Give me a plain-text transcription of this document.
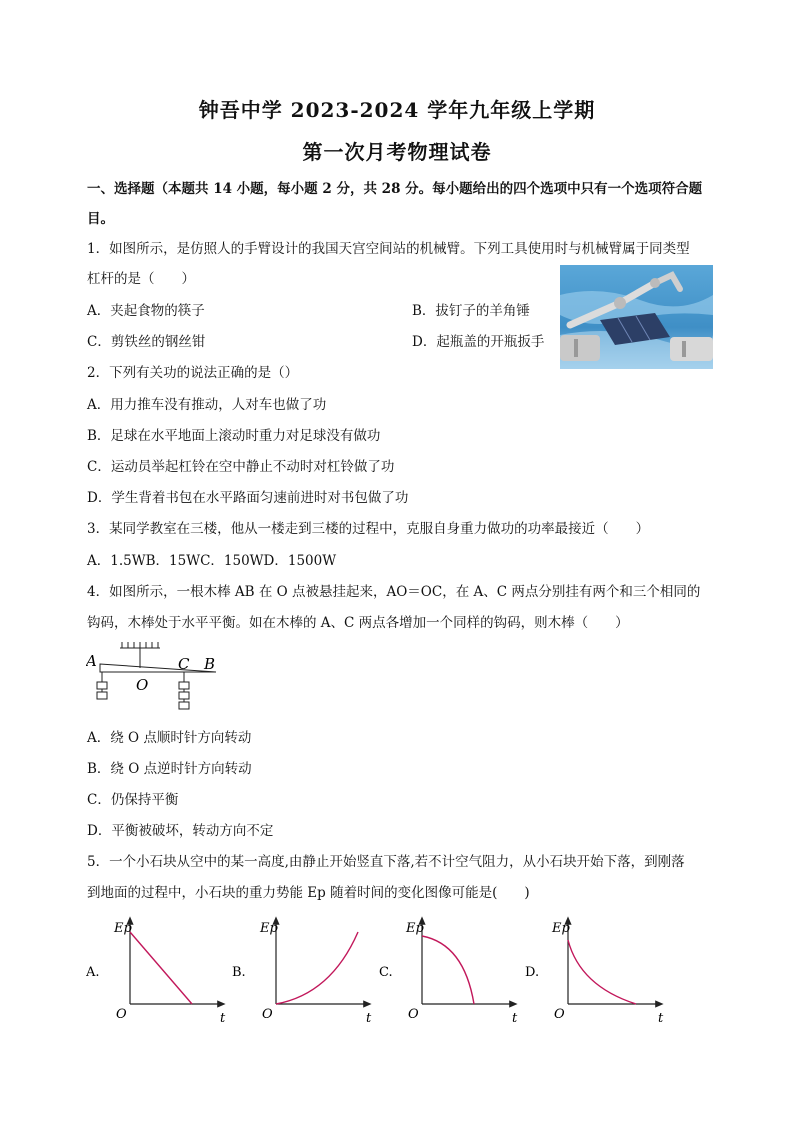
钟吾中学 2023-2024 学年九年级上学期
第一次月考物理试卷
一、选择题（本题共 14 小题，每小题 2 分，共 28 分。每小题给出的四个选项中只有一个选项符合题
目。
1．如图所示，是仿照人的手臂设计的我国天宫空间站的机械臂。下列工具使用时与机械臂属于同类型
杠杆的是（　　）
A．夹起食物的筷子	B．拔钉子的羊角锤
C．剪铁丝的钢丝钳	D．起瓶盖的开瓶扳手
2．下列有关功的说法正确的是（）
A．用力推车没有推动，人对车也做了功
B．足球在水平地面上滚动时重力对足球没有做功
C．运动员举起杠铃在空中静止不动时对杠铃做了功
D．学生背着书包在水平路面匀速前进时对书包做了功
3．某同学教室在三楼，他从一楼走到三楼的过程中，克服自身重力做功的功率最接近（　　）
A．1.5WB．15WC．150WD．1500W
4．如图所示，一根木棒 AB 在 O 点被悬挂起来，AO＝OC，在 A、C 两点分别挂有两个和三个相同的
钩码，木棒处于水平平衡。如在木棒的 A、C 两点各增加一个同样的钩码，则木棒（　　）
A
O
C B
A．绕 O 点顺时针方向转动
B．绕 O 点逆时针方向转动
C．仍保持平衡
D．平衡被破坏，转动方向不定
5．一个小石块从空中的某一高度,由静止开始竖直下落,若不计空气阻力，从小石块开始下落，到刚落
到地面的过程中，小石块的重力势能 Ep 随着时间的变化图像可能是(　　)
A.
Ep
O	t
B.
Ep
O	t
C.
Ep
O	t
D.
Ep
O	t
